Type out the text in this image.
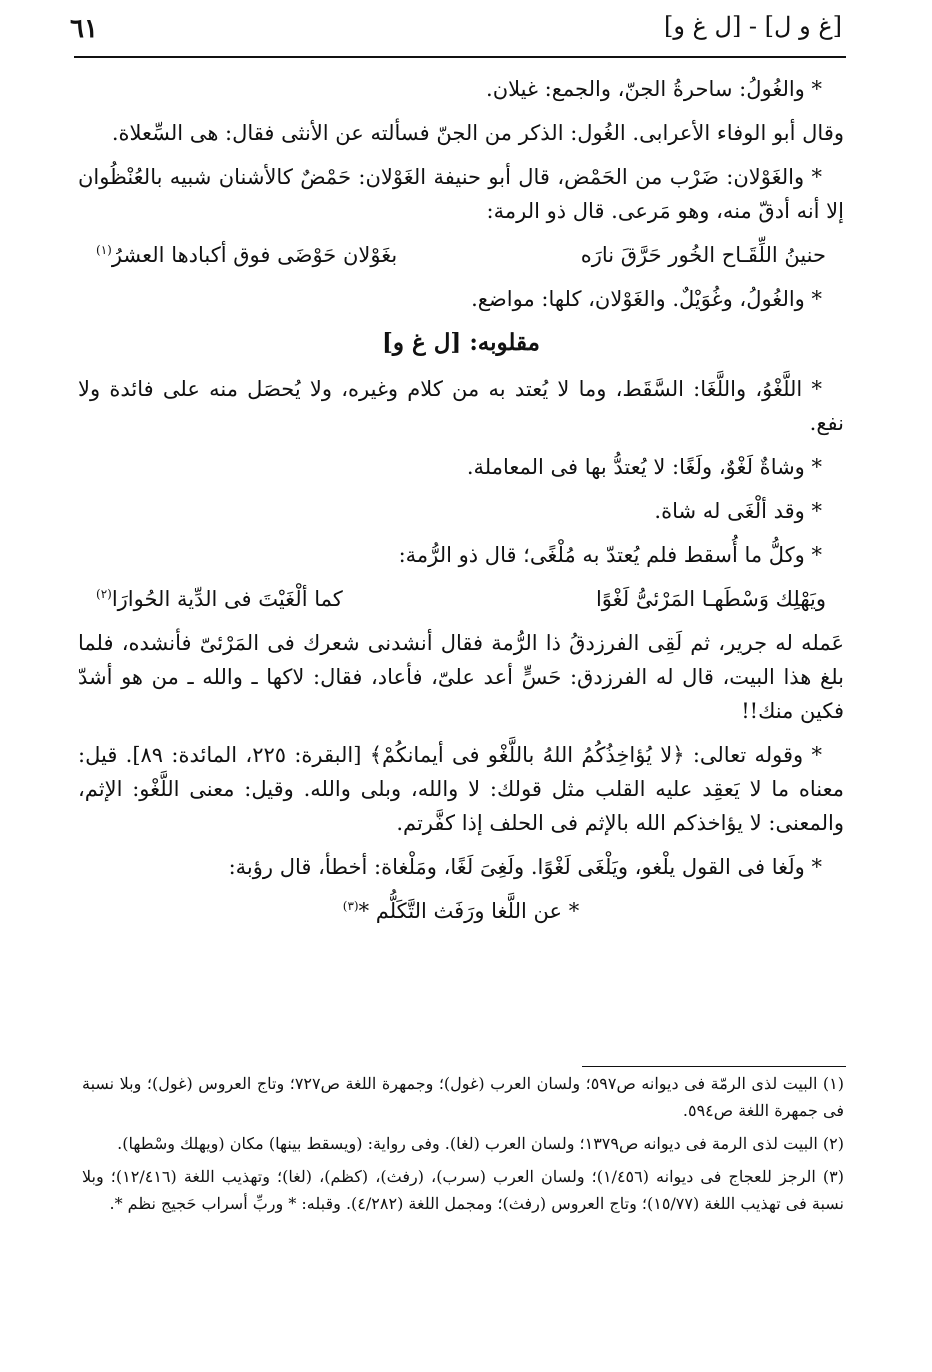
٦١	[غ و ل] - [ل غ و]

* والغُولُ: ساحرةُ الجنّ، والجمع: غيلان.

وقال أبو الوفاء الأعرابى. الغُول: الذكر من الجنّ فسألته عن الأنثى فقال: هى السِّعلاة.

* والغَوْلان: ضَرْب من الحَمْض، قال أبو حنيفة الغَوْلان: حَمْضٌ كالأشنان شبيه بالعُنْظُوان إلا أنه أدقّ منه، وهو مَرعى. قال ذو الرمة:

حنينُ اللِّقَـاح الخُور حَرَّقَ نارَه
بغَوْلان حَوْضَى فوق أكبادها العشرُ$^{(١)}$

* والغُولُ، وغُوَيْلٌ. والغَوْلان، كلها: مواضع.

مقلوبه: [ل غ و]

* اللَّغْوُ، واللَّغَا: السَّقَط، وما لا يُعتد به من كلام وغيره، ولا يُحصَل منه على فائدة ولا نفع.

* وشاةٌ لَغْوٌ، ولَغًا: لا يُعتدُّ بها فى المعاملة.

* وقد ألْغَى له شاة.

* وكلُّ ما أُسقط فلم يُعتدّ به مُلْغًى؛ قال ذو الرُّمة:

ويَهْلِك وَسْطَهـا المَرْئىُّ لَغْوًا
كما ألْغَيْتَ فى الدِّية الحُوارَا$^{(٢)}$

عَمله له جرير، ثم لَقِى الفرزدقُ ذا الرُّمة فقال أنشدنى شعرك فى المَرْئىّ فأنشده، فلما بلغ هذا البيت، قال له الفرزدق: حَسٍّ أعد علىّ، فأعاد، فقال: لاكها ـ والله ـ من هو أشدّ فكين منك!!

* وقوله تعالى: ﴿لا يُؤاخِذُكُمُ اللهُ باللَّغْو فى أيمانكُمْ﴾ [البقرة: ٢٢٥، المائدة: ٨٩]. قيل: معناه ما لا يَعقِد عليه القلب مثل قولك: لا والله، وبلى والله. وقيل: معنى اللَّغْو: الإثم، والمعنى: لا يؤاخذكم الله بالإثم فى الحلف إذا كفَّرتم.

* ولَغا فى القول يلْغو، ويَلْغَى لَغْوًا. ولَغِىَ لَغًا، ومَلْغاة: أخطأ، قال رؤبة:

* عن اللَّغا ورَفَث التَّكَلُّم *$^{(٣)}$

(١) البيت لذى الرمّة فى ديوانه ص٥٩٧؛ ولسان العرب (غول)؛ وجمهرة اللغة ص٧٢٧؛ وتاج العروس (غول)؛ وبلا نسبة فى جمهرة اللغة ص٥٩٤.

(٢) البيت لذى الرمة فى ديوانه ص١٣٧٩؛ ولسان العرب (لغا). وفى رواية: (ويسقط بينها) مكان (ويهلك وسْطها).

(٣) الرجز للعجاج فى ديوانه (١/٤٥٦)؛ ولسان العرب (سرب)، (رفث)، (كظم)، (لغا)؛ وتهذيب اللغة (١٢/٤١٦)؛ وبلا نسبة فى تهذيب اللغة (١٥/٧٧)؛ وتاج العروس (رفث)؛ ومجمل اللغة (٤/٢٨٢). وقبله: * وربِّ أسراب حَجيج نظم *.
